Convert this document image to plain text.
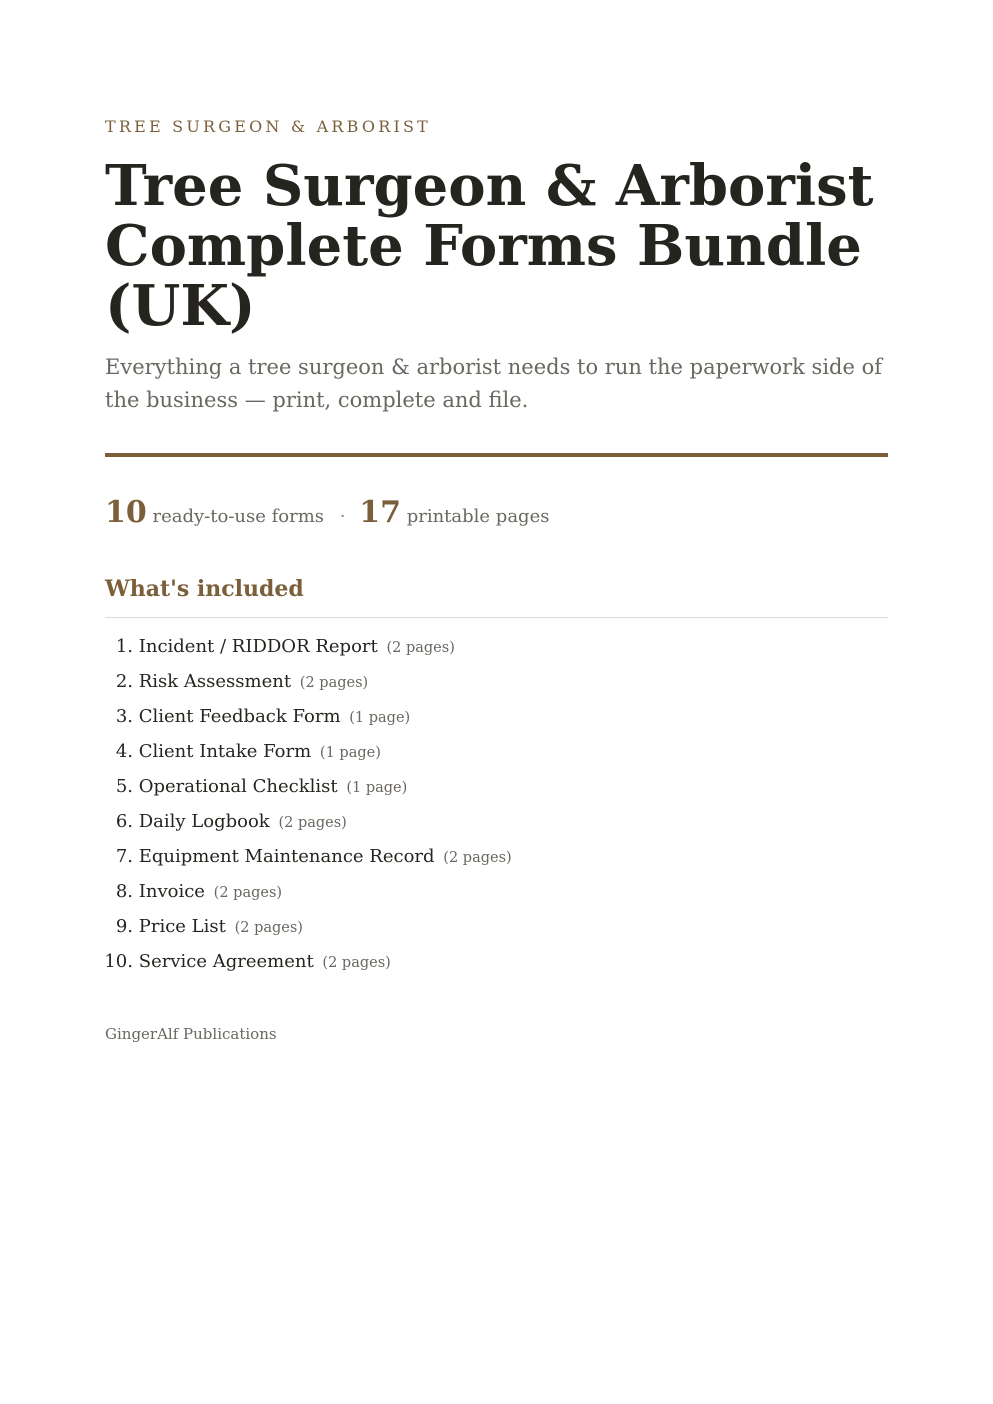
TREE SURGEON & ARBORIST
Tree Surgeon & Arborist Complete Forms Bundle (UK)

Everything a tree surgeon & arborist needs to run the paperwork side of the business — print, complete and file.

10 ready-to-use forms · 17 printable pages
What's included
1. Incident / RIDDOR Report (2 pages)
2. Risk Assessment (2 pages)
3. Client Feedback Form (1 page)
4. Client Intake Form (1 page)
5. Operational Checklist (1 page)
6. Daily Logbook (2 pages)
7. Equipment Maintenance Record (2 pages)
8. Invoice (2 pages)
9. Price List (2 pages)
10. Service Agreement (2 pages)
GingerAlf Publications
